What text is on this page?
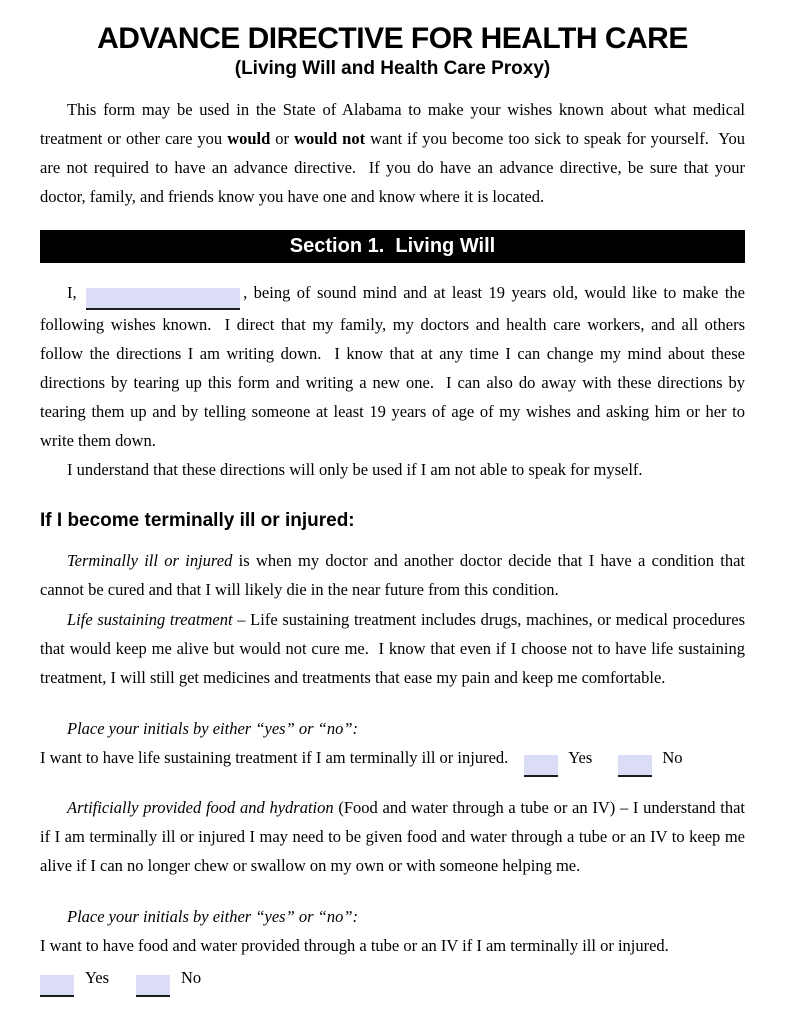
ADVANCE DIRECTIVE FOR HEALTH CARE
(Living Will and Health Care Proxy)

This form may be used in the State of Alabama to make your wishes known about what medical treatment or other care you would or would not want if you become too sick to speak for yourself.  You are not required to have an advance directive.  If you do have an advance directive, be sure that your doctor, family, and friends know you have one and know where it is located.

Section 1.  Living Will

I,	, being of sound mind and at least 19 years old, would like to make the following wishes known.  I direct that my family, my doctors and health care workers, and all others follow the directions I am writing down.  I know that at any time I can change my mind about these directions by tearing up this form and writing a new one.  I can also do away with these directions by tearing them up and by telling someone at least 19 years of age of my wishes and asking him or her to write them down.

I understand that these directions will only be used if I am not able to speak for myself.

If I become terminally ill or injured:

Terminally ill or injured is when my doctor and another doctor decide that I have a condition that cannot be cured and that I will likely die in the near future from this condition.

Life sustaining treatment – Life sustaining treatment includes drugs, machines, or medical procedures that would keep me alive but would not cure me.  I know that even if I choose not to have life sustaining treatment, I will still get medicines and treatments that ease my pain and keep me comfortable.

Place your initials by either “yes” or “no”:

I want to have life sustaining treatment if I am terminally ill or injured.	Yes	No

Artificially provided food and hydration (Food and water through a tube or an IV) – I understand that if I am terminally ill or injured I may need to be given food and water through a tube or an IV to keep me alive if I can no longer chew or swallow on my own or with someone helping me.

Place your initials by either “yes” or “no”:

I want to have food and water provided through a tube or an IV if I am terminally ill or injured.

Yes	No
